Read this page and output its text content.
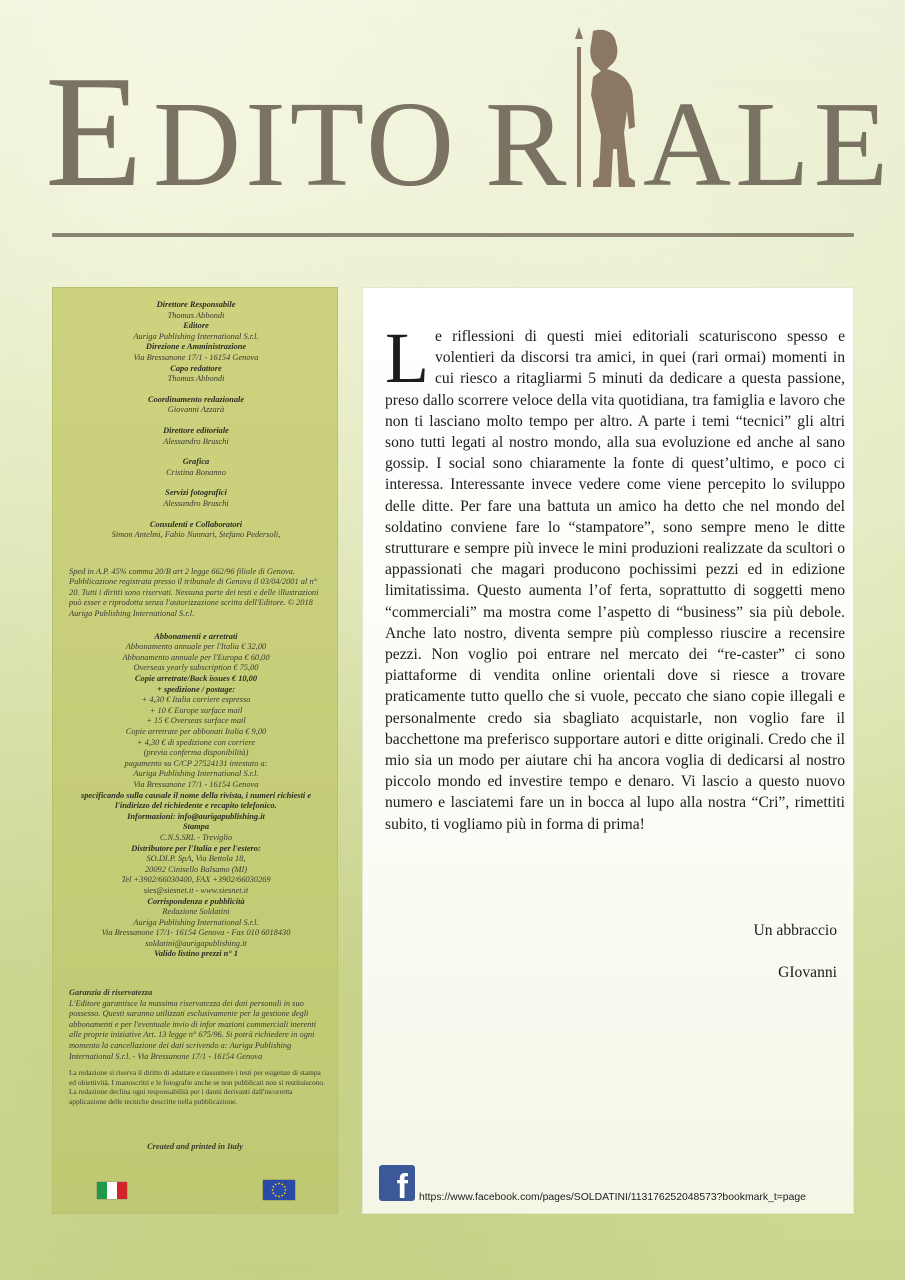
E DITO R ALE
Direttore Responsabile
Thomas Abbondi
Editore
Auriga Publishing International S.r.l.
Direzione e Amministrazione
Via Bressanone 17/1 - 16154 Genova
Capo redattore
Thomas Abbondi
Coordinamento redazionale
Giovanni Azzarà
Direttore editoriale
Alessandro Bruschi
Grafica
Cristina Bonanno
Servizi fotografici
Alessandro Bruschi
Consulenti e Collaboratori
Simon Antelmi, Fabio Nunnari, Stefano Pedersoli,
Sped in A.P. 45% comma 20/B art 2 legge 662/96 filiale di Genova. Pubblicazione registrata presso il tribunale di Genova il 03/04/2001 al n° 20. Tutti i diritti sono riservati. Nessuna parte dei testi e delle illustrazioni può esser e riprodotta senza l'autorizzazione scritta dell'Editore. © 2018 Auriga Publishing International S.r.l.
Abbonamenti e arretrati
Abbonamento annuale per l'Italia € 32,00
Abbonamento annuale per l'Europa € 60,00
Overseas yearly subscription € 75,00
Copie arretrate/Back issues € 10,00
+ spedizione / postage:
+ 4,30 € Italia corriere espresso
+ 10 € Europe surface mail
+ 15 € Overseas surface mail
Copie arretrate per abbonati Italia € 9,00
+ 4,30 € di spedizione con corriere
(previa conferma disponibilità)
pagamento su C/CP 27524131 intestato a:
Auriga Publishing International S.r.l.
Via Bressanone 17/1 - 16154 Genova
specificando sulla causale il nome della rivista, i numeri richiesti e l'indirizzo del richiedente e recapito telefonico.
Informazioni: info@aurigapublishing.it
Stampa
C.N.S.SRL - Treviglio
Distributore per l'Italia e per l'estero:
SO.DI.P. SpA, Via Bettola 18,
20092 Cinisello Balsamo (MI)
Tel +3902/66030400, FAX +3902/66030269
sies@siesnet.it - www.siesnet.it
Corrispondenza e pubblicità
Redazione Soldatini
Auriga Publishing International S.r.l.
Via Bressanone 17/1- 16154 Genova - Fax 010 6018430
soldatini@aurigapublishing.it
Valido listino prezzi n° 1
Garanzia di riservatezza
L'Editore garantisce la massima riservatezza dei dati personali in suo possesso. Questi saranno utilizzati esclusivamente per la gestione degli abbonamenti e per l'eventuale invio di infor mazioni commerciali inerenti alle proprie iniziative Art. 13 legge n° 675/96. Si potrà richiedere in ogni momento la cancellazione dei dati scrivendo a: Auriga Publishing International S.r.l. - Via Bressanone 17/1 - 16154 Genova
La redazione si riserva il diritto di adattare e riassumere i testi per esigenze di stampa ed obiettività. I manoscritti e le fotografie anche se non pubblicati non si restituiscono. La redazione declina ogni responsabilità per i danni derivanti dall'incorretta applicazione delle tecniche descritte nella pubblicazione.
Created and printed in Italy
Le riflessioni di questi miei editoriali scaturiscono spesso e volentieri da discorsi tra amici, in quei (rari ormai) momenti in cui riesco a ritagliarmi 5 minuti da dedicare a questa passione, preso dallo scorrere veloce della vita quotidiana, tra famiglia e lavoro che non ti lasciano molto tempo per altro. A parte i temi “tecnici” gli altri sono tutti legati al nostro mondo, alla sua evoluzione ed anche al sano gossip. I social sono chiaramente la fonte di quest’ultimo, e poco ci interessa. Interessante invece vedere come viene percepito lo sviluppo delle ditte. Per fare una battuta un amico ha detto che nel mondo del soldatino conviene fare lo “stampatore”, sono sempre meno le ditte strutturare e sempre più invece le mini produzioni realizzate da scultori o appassionati che magari producono pochissimi pezzi ed in edizione limitatissima. Questo aumenta l’of ferta, soprattutto di soggetti meno “commerciali” ma mostra come l’aspetto di “business” sia più debole. Anche lato nostro, diventa sempre più complesso riuscire a recensire pezzi. Non voglio poi entrare nel mercato dei “re-caster” ci sono piattaforme di vendita online orientali dove si riesce a trovare praticamente tutto quello che si vuole, peccato che siano copie illegali e personalmente credo sia sbagliato acquistarle, non voglio fare il bacchettone ma preferisco supportare autori e ditte originali. Credo che il mio sia un modo per aiutare chi ha ancora voglia di dedicarsi al nostro piccolo mondo ed investire tempo e denaro. Vi lascio a questo nuovo numero e lasciatemi fare un in bocca al lupo alla nostra “Cri”, rimettiti subito, ti vogliamo più in forma di prima!
Un abbraccio
GIovanni
f	https://www.facebook.com/pages/SOLDATINI/113176252048573?bookmark_t=page
